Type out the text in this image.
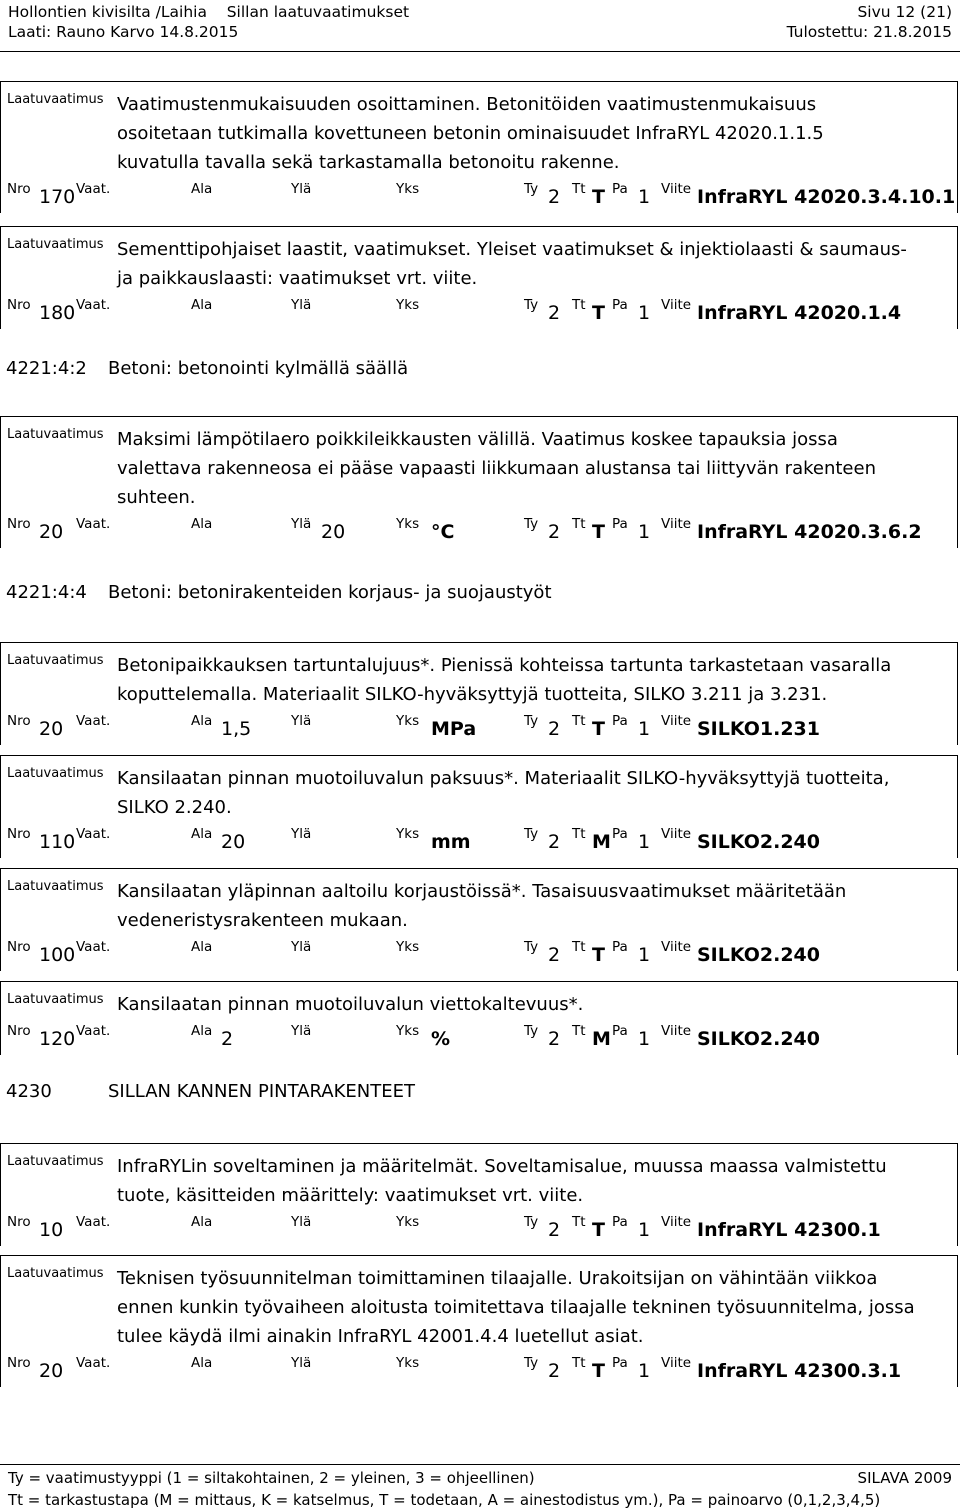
Hollontien kivisilta /Laihia Sillan laatuvaatimukset	Sivu 12 (21)
Laati: Rauno Karvo 14.8.2015	Tulostettu: 21.8.2015
Laatuvaatimus Vaatimustenmukaisuuden osoittaminen. Betonitöiden vaatimustenmukaisuus
osoitetaan tutkimalla kovettuneen betonin ominaisuudet InfraRYL 42020.1.1.5
kuvatulla tavalla sekä tarkastamalla betonoitu rakenne.
Nro 170 Vaat.	Ala	Ylä	Yks	Ty 2 Tt T Pa 1 Viite InfraRYL 42020.3.4.10.1
Laatuvaatimus Sementtipohjaiset laastit, vaatimukset. Yleiset vaatimukset & injektiolaasti & saumaus-
ja paikkauslaasti: vaatimukset vrt. viite.
Nro 180 Vaat.	Ala	Ylä	Yks	Ty 2 Tt T Pa 1 Viite InfraRYL 42020.1.4
Laatuvaatimus Maksimi lämpötilaero poikkileikkausten välillä. Vaatimus koskee tapauksia jossa
valettava rakenneosa ei pääse vapaasti liikkumaan alustansa tai liittyvän rakenteen
suhteen.
Nro 20 Vaat.	Ala	Ylä 20	Yks °C	Ty 2 Tt T Pa 1 Viite InfraRYL 42020.3.6.2
Laatuvaatimus Betonipaikkauksen tartuntalujuus*. Pienissä kohteissa tartunta tarkastetaan vasaralla
koputtelemalla. Materiaalit SILKO-hyväksyttyjä tuotteita, SILKO 3.211 ja 3.231.
Nro 20 Vaat.	Ala 1,5	Ylä	Yks MPa	Ty 2 Tt T Pa 1 Viite SILKO1.231
Laatuvaatimus Kansilaatan pinnan muotoiluvalun paksuus*. Materiaalit SILKO-hyväksyttyjä tuotteita,
SILKO 2.240.
Nro 110 Vaat.	Ala 20	Ylä	Yks mm	Ty 2 Tt M Pa 1 Viite SILKO2.240
Laatuvaatimus Kansilaatan yläpinnan aaltoilu korjaustöissä*. Tasaisuusvaatimukset määritetään
vedeneristysrakenteen mukaan.
Nro 100 Vaat.	Ala	Ylä	Yks	Ty 2 Tt T Pa 1 Viite SILKO2.240
Laatuvaatimus Kansilaatan pinnan muotoiluvalun viettokaltevuus*.
Nro 120 Vaat.	Ala 2	Ylä	Yks %	Ty 2 Tt M Pa 1 Viite SILKO2.240
Laatuvaatimus InfraRYLin soveltaminen ja määritelmät. Soveltamisalue, muussa maassa valmistettu
tuote, käsitteiden määrittely: vaatimukset vrt. viite.
Nro 10 Vaat.	Ala	Ylä	Yks	Ty 2 Tt T Pa 1 Viite InfraRYL 42300.1
Laatuvaatimus Teknisen työsuunnitelman toimittaminen tilaajalle. Urakoitsijan on vähintään viikkoa
ennen kunkin työvaiheen aloitusta toimitettava tilaajalle tekninen työsuunnitelma, jossa
tulee käydä ilmi ainakin InfraRYL 42001.4.4 luetellut asiat.
Nro 20 Vaat.	Ala	Ylä	Yks	Ty 2 Tt T Pa 1 Viite InfraRYL 42300.3.1
4221:4:2 Betoni: betonointi kylmällä säällä
4221:4:4 Betoni: betonirakenteiden korjaus- ja suojaustyöt
4230	SILLAN KANNEN PINTARAKENTEET
Ty = vaatimustyyppi (1 = siltakohtainen, 2 = yleinen, 3 = ohjeellinen)	SILAVA 2009
Tt = tarkastustapa (M = mittaus, K = katselmus, T = todetaan, A = ainestodistus ym.), Pa = painoarvo (0,1,2,3,4,5)
